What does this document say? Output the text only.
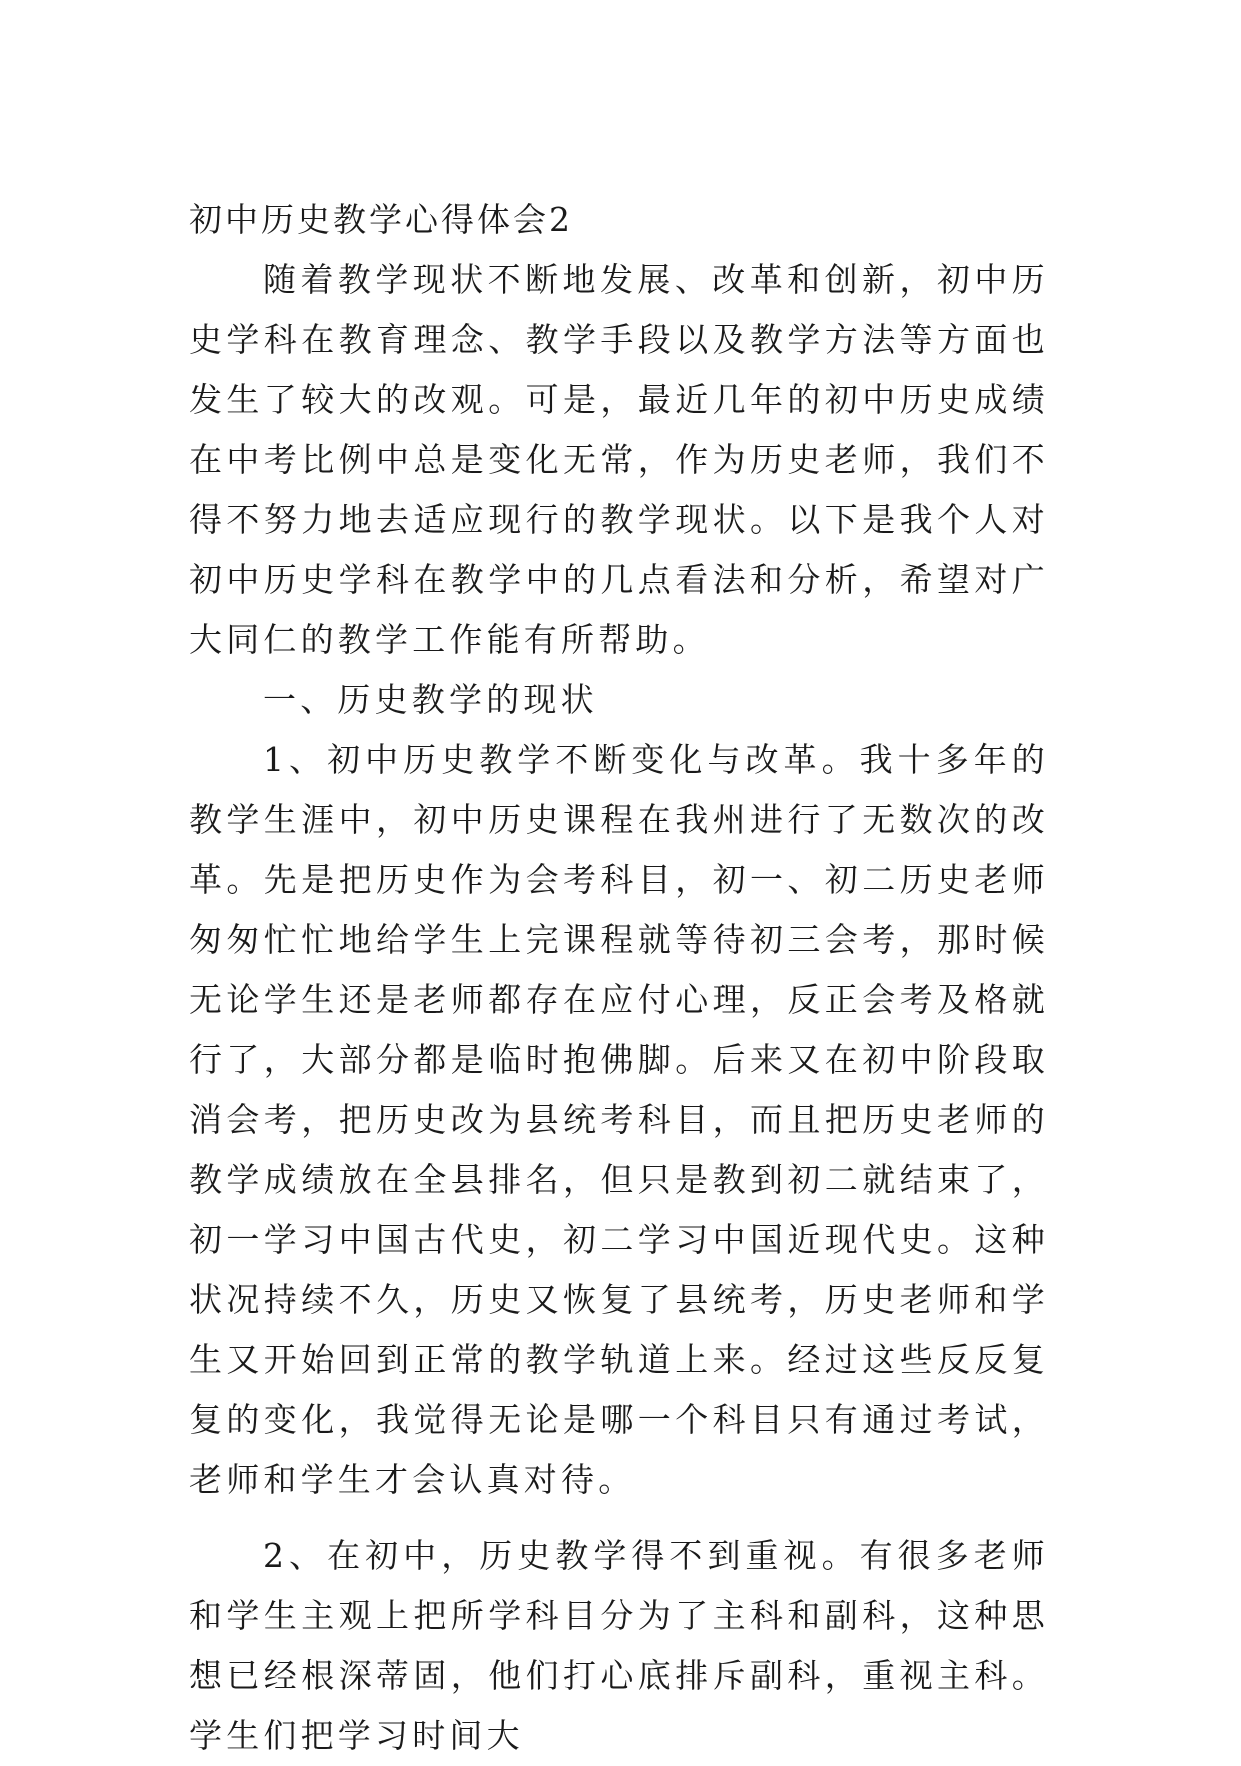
初中历史教学心得体会2

随着教学现状不断地发展、改革和创新，初中历史学科在教育理念、教学手段以及教学方法等方面也发生了较大的改观。可是，最近几年的初中历史成绩在中考比例中总是变化无常，作为历史老师，我们不得不努力地去适应现行的教学现状。以下是我个人对初中历史学科在教学中的几点看法和分析，希望对广大同仁的教学工作能有所帮助。

一、历史教学的现状

1、初中历史教学不断变化与改革。我十多年的教学生涯中，初中历史课程在我州进行了无数次的改革。先是把历史作为会考科目，初一、初二历史老师匆匆忙忙地给学生上完课程就等待初三会考，那时候无论学生还是老师都存在应付心理，反正会考及格就行了，大部分都是临时抱佛脚。后来又在初中阶段取消会考，把历史改为县统考科目，而且把历史老师的教学成绩放在全县排名，但只是教到初二就结束了，初一学习中国古代史，初二学习中国近现代史。这种状况持续不久，历史又恢复了县统考，历史老师和学生又开始回到正常的教学轨道上来。经过这些反反复复的变化，我觉得无论是哪一个科目只有通过考试，老师和学生才会认真对待。

2、在初中，历史教学得不到重视。有很多老师和学生主观上把所学科目分为了主科和副科，这种思想已经根深蒂固，他们打心底排斥副科，重视主科。学生们把学习时间大
